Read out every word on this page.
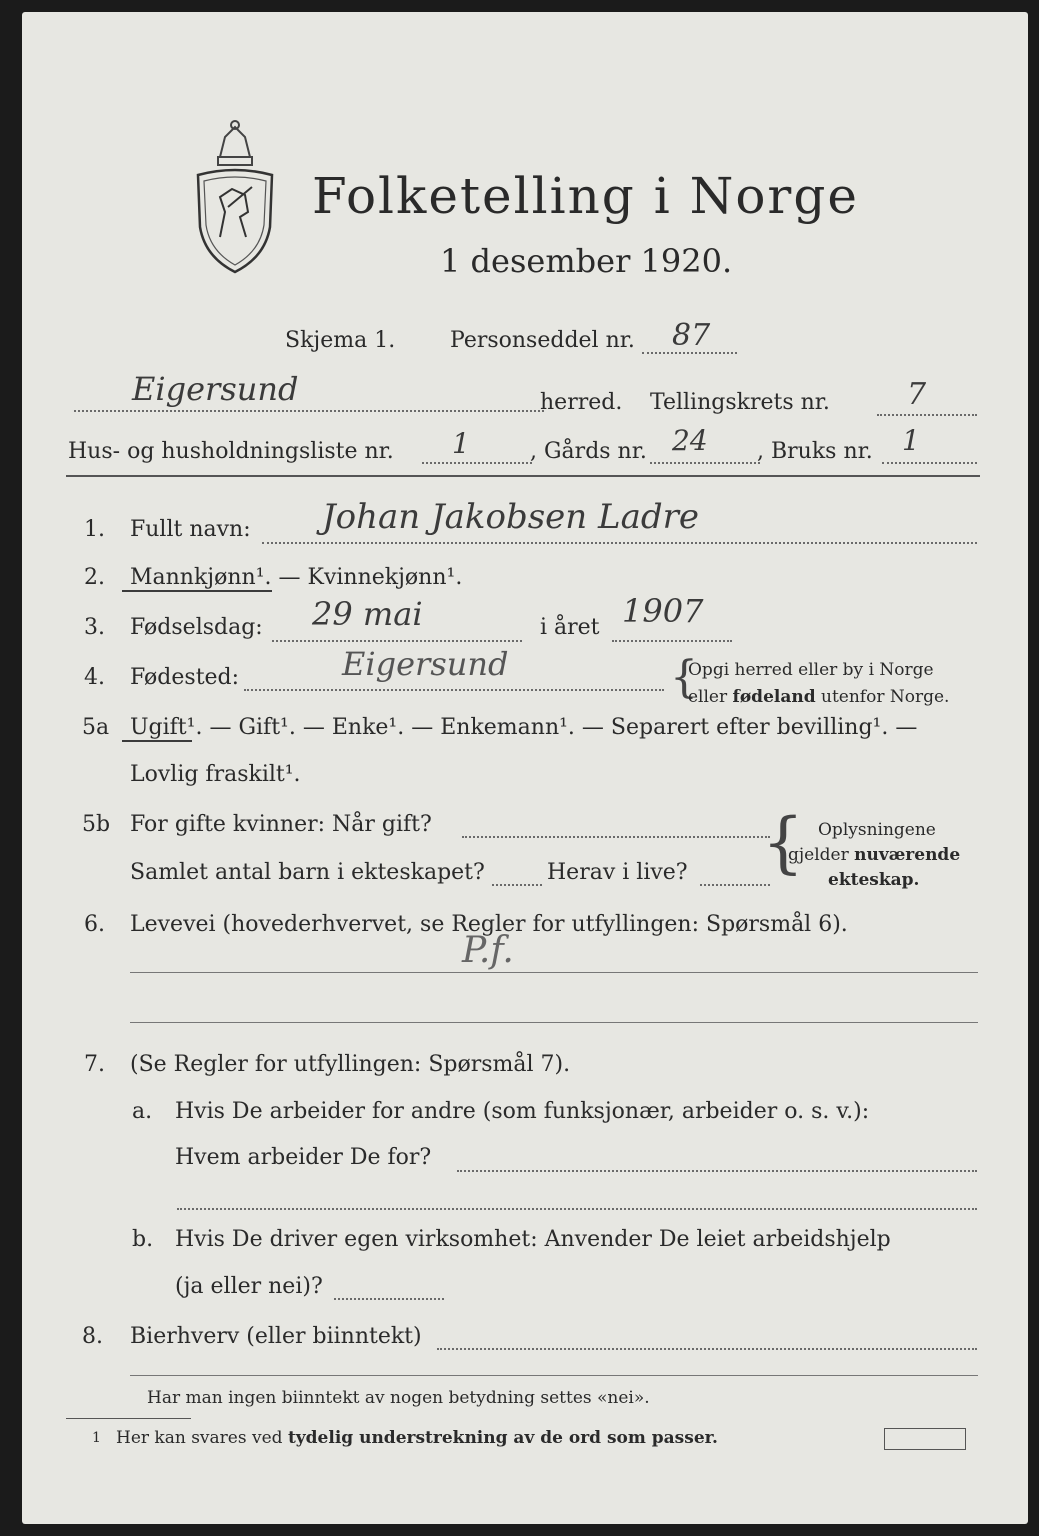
Folketelling i Norge
1 desember 1920.
Skjema 1. Personseddel nr. 87
Eigersund	herred. Tellingskrets nr.	7
Hus- og husholdningsliste nr. 1	, Gårds nr. 24 , Bruks nr. 1
1. Fullt navn: Johan Jakobsen Ladre
2. Mannkjønn¹. — Kvinnekjønn¹.
3. Fødselsdag: 29 mai	i året 1907
4. Fødested:	Eigersund	{
Opgi herred eller by i Norge
eller fødeland utenfor Norge.
5a Ugift¹. — Gift¹. — Enke¹. — Enkemann¹. — Separert efter bevilling¹. —
Lovlig fraskilt¹.
5b For gifte kvinner: Når gift?
Samlet antal barn i ekteskapet?	Herav i live? { Oplysningene
gjelder nuværende
ekteskap.
6. Levevei (hovederhvervet, se Regler for utfyllingen: Spørsmål 6).
P.f.
7. (Se Regler for utfyllingen: Spørsmål 7).
a. Hvis De arbeider for andre (som funksjonær, arbeider o. s. v.):
Hvem arbeider De for?
b. Hvis De driver egen virksomhet: Anvender De leiet arbeidshjelp
(ja eller nei)?
8. Bierhverv (eller biinntekt)
Har man ingen biinntekt av nogen betydning settes «nei».
1 Her kan svares ved tydelig understrekning av de ord som passer.
